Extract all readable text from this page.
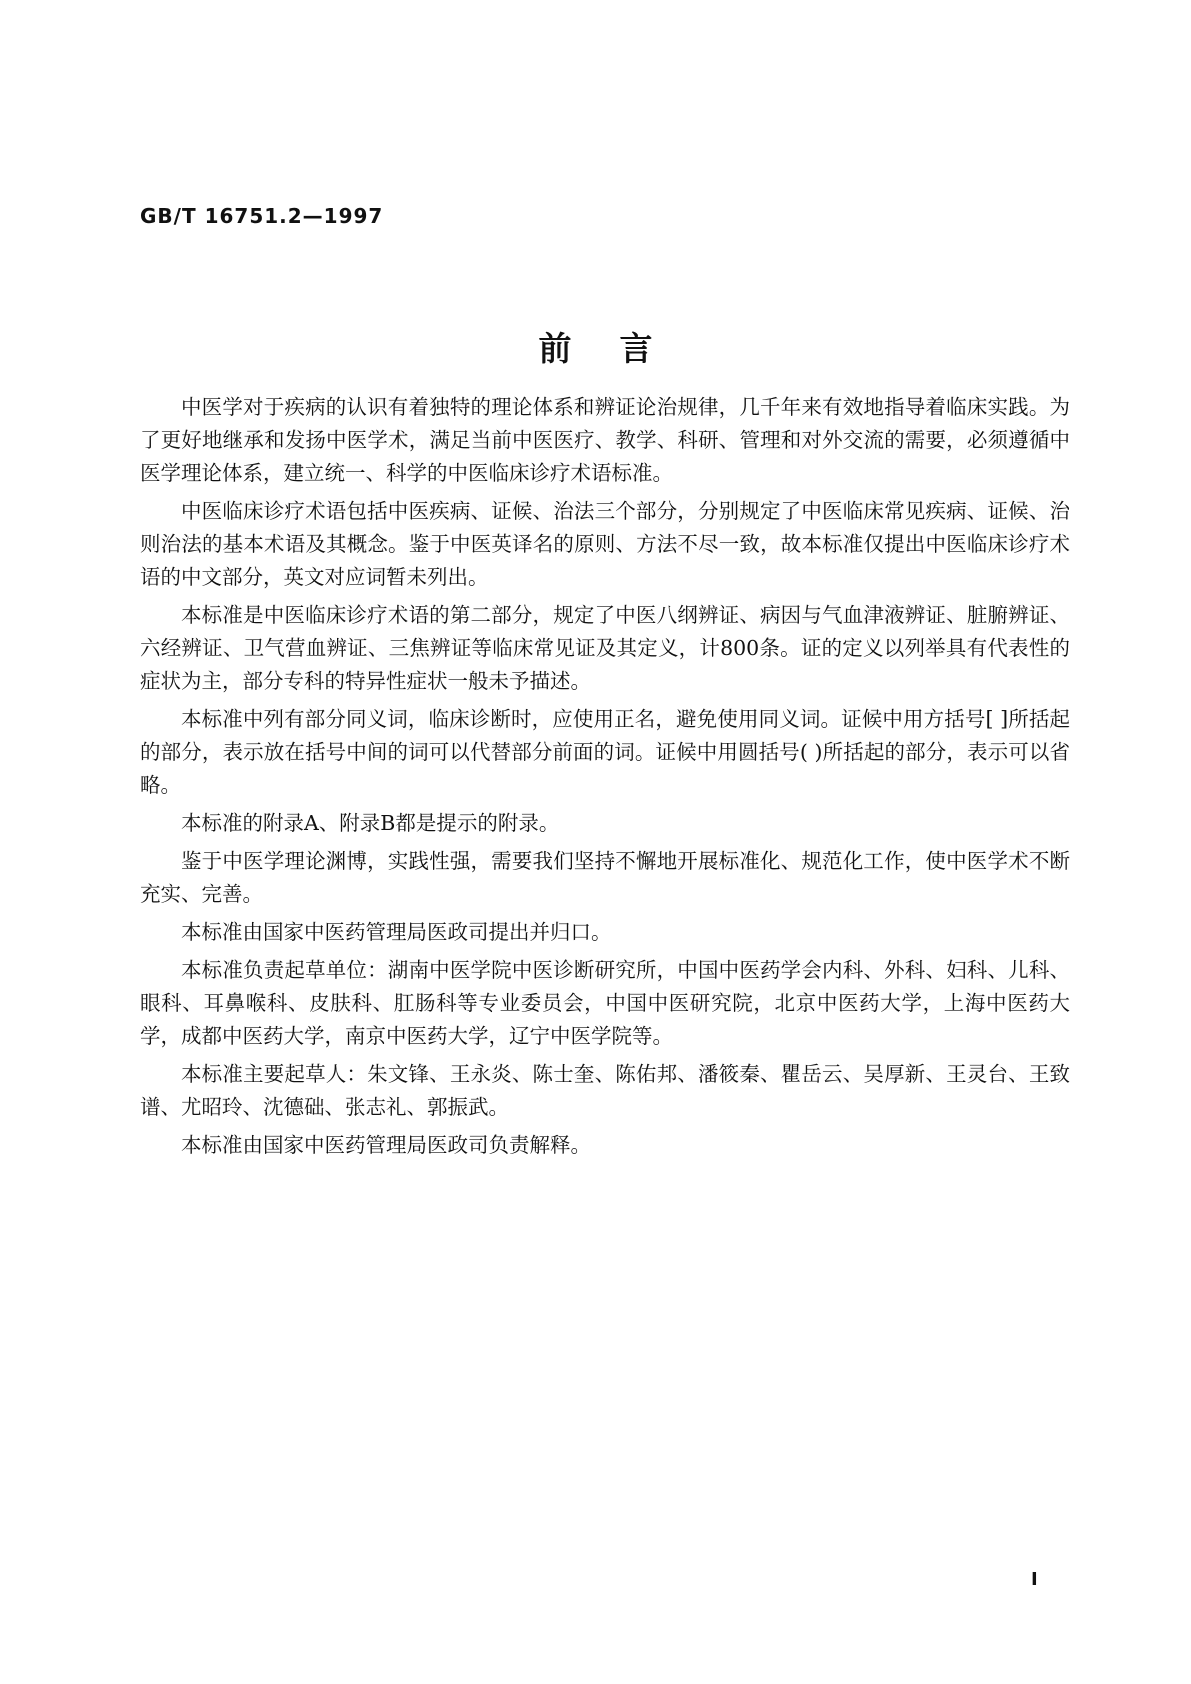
GB/T 16751.2—1997
前言

中医学对于疾病的认识有着独特的理论体系和辨证论治规律，几千年来有效地指导着临床实践。为了更好地继承和发扬中医学术，满足当前中医医疗、教学、科研、管理和对外交流的需要，必须遵循中医学理论体系，建立统一、科学的中医临床诊疗术语标准。

中医临床诊疗术语包括中医疾病、证候、治法三个部分，分别规定了中医临床常见疾病、证候、治则治法的基本术语及其概念。鉴于中医英译名的原则、方法不尽一致，故本标准仅提出中医临床诊疗术语的中文部分，英文对应词暂未列出。

本标准是中医临床诊疗术语的第二部分，规定了中医八纲辨证、病因与气血津液辨证、脏腑辨证、六经辨证、卫气营血辨证、三焦辨证等临床常见证及其定义，计800条。证的定义以列举具有代表性的症状为主，部分专科的特异性症状一般未予描述。

本标准中列有部分同义词，临床诊断时，应使用正名，避免使用同义词。证候中用方括号[ ]所括起的部分，表示放在括号中间的词可以代替部分前面的词。证候中用圆括号( )所括起的部分，表示可以省略。

本标准的附录A、附录B都是提示的附录。

鉴于中医学理论渊博，实践性强，需要我们坚持不懈地开展标准化、规范化工作，使中医学术不断充实、完善。

本标准由国家中医药管理局医政司提出并归口。

本标准负责起草单位：湖南中医学院中医诊断研究所，中国中医药学会内科、外科、妇科、儿科、眼科、耳鼻喉科、皮肤科、肛肠科等专业委员会，中国中医研究院，北京中医药大学，上海中医药大学，成都中医药大学，南京中医药大学，辽宁中医学院等。

本标准主要起草人：朱文锋、王永炎、陈士奎、陈佑邦、潘筱秦、瞿岳云、吴厚新、王灵台、王致谱、尤昭玲、沈德础、张志礼、郭振武。

本标准由国家中医药管理局医政司负责解释。

I
